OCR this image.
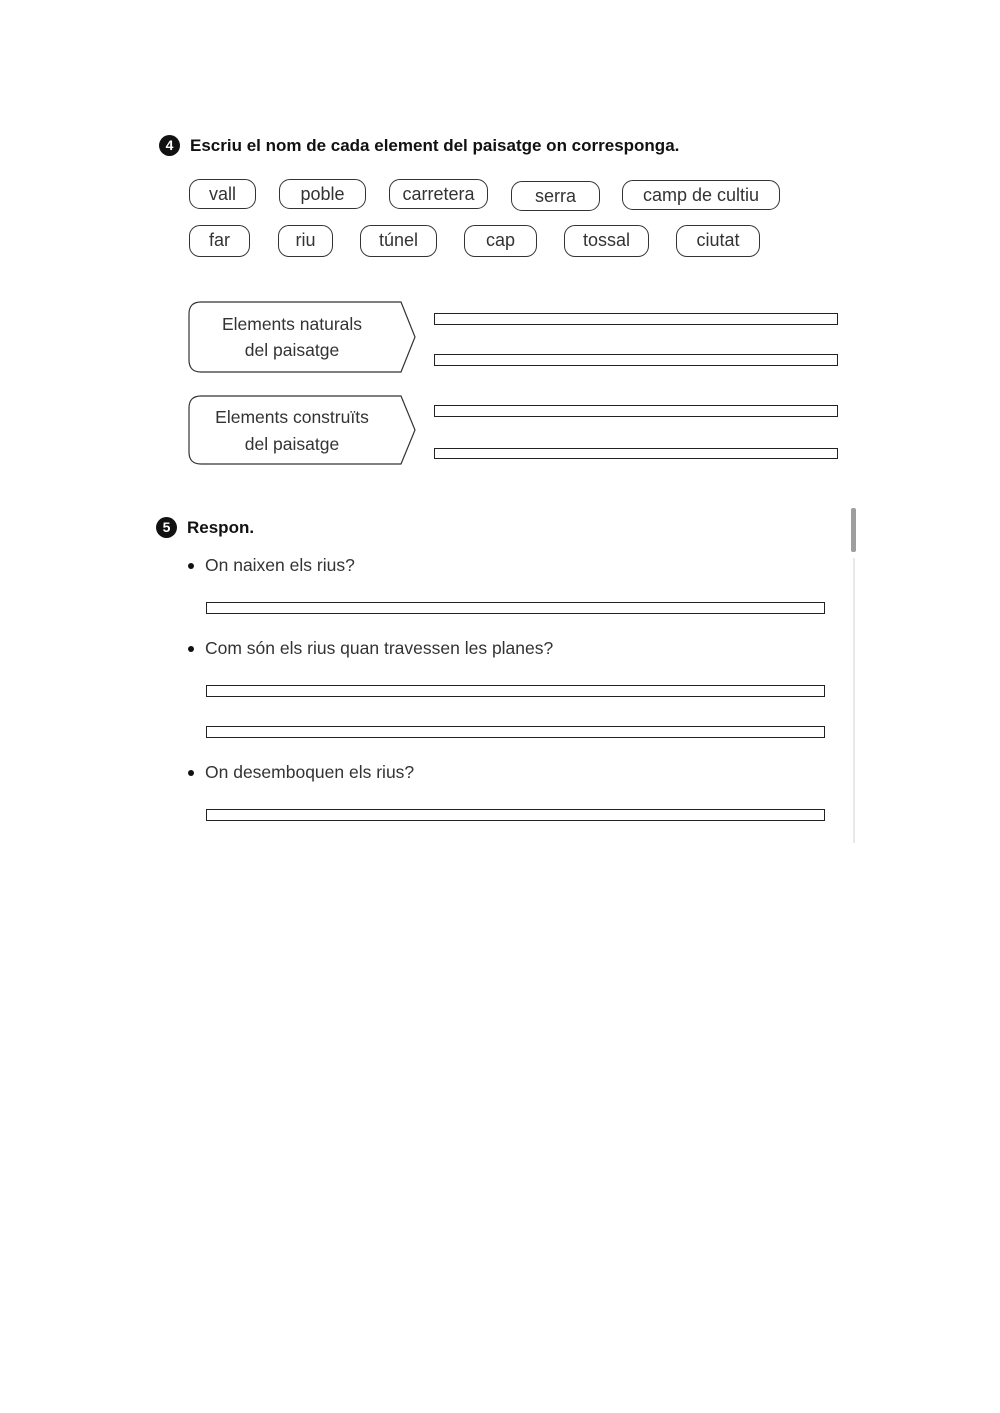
4 Escriu el nom de cada element del paisatge on corresponga.
vall	poble	carretera	serra	camp de cultiu
far	riu	túnel	cap	tossal	ciutat
Elements naturals
del paisatge
Elements construïts
del paisatge
5 Respon.
On naixen els rius?
Com són els rius quan travessen les planes?
On desemboquen els rius?
